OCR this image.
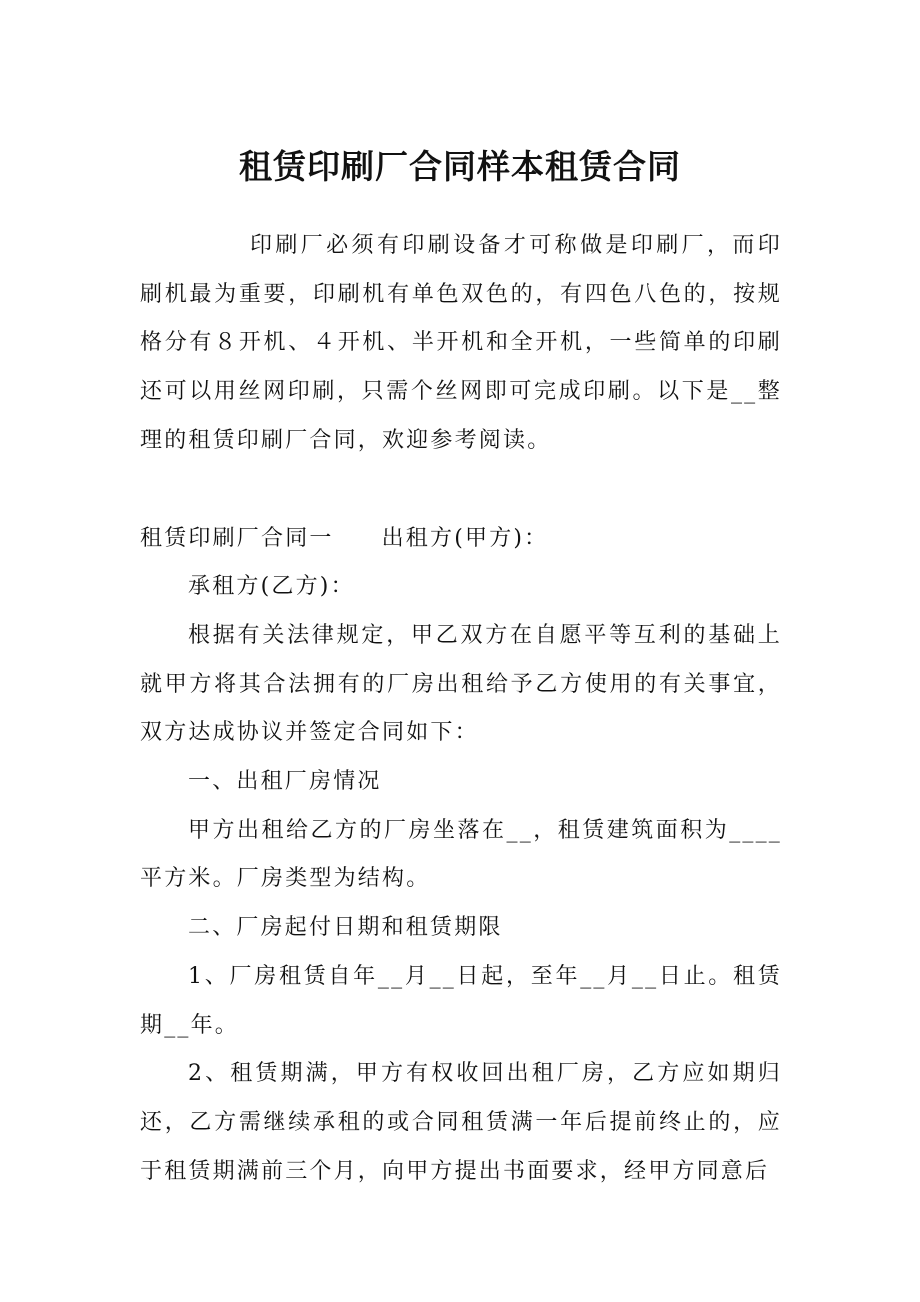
租赁印刷厂合同样本租赁合同

印刷厂必须有印刷设备才可称做是印刷厂，而印刷机最为重要，印刷机有单色双色的，有四色八色的，按规格分有８开机、４开机、半开机和全开机，一些简单的印刷还可以用丝网印刷，只需个丝网即可完成印刷。以下是__整理的租赁印刷厂合同，欢迎参考阅读。

租赁印刷厂合同一 出租方(甲方)：

承租方(乙方)：

根据有关法律规定，甲乙双方在自愿平等互利的基础上就甲方将其合法拥有的厂房出租给予乙方使用的有关事宜，双方达成协议并签定合同如下：

一、出租厂房情况

甲方出租给乙方的厂房坐落在__，租赁建筑面积为____平方米。厂房类型为结构。

二、厂房起付日期和租赁期限

1、厂房租赁自年__月__日起，至年__月__日止。租赁期__年。

2、租赁期满，甲方有权收回出租厂房，乙方应如期归还，乙方需继续承租的或合同租赁满一年后提前终止的，应于租赁期满前三个月，向甲方提出书面要求，经甲方同意后
